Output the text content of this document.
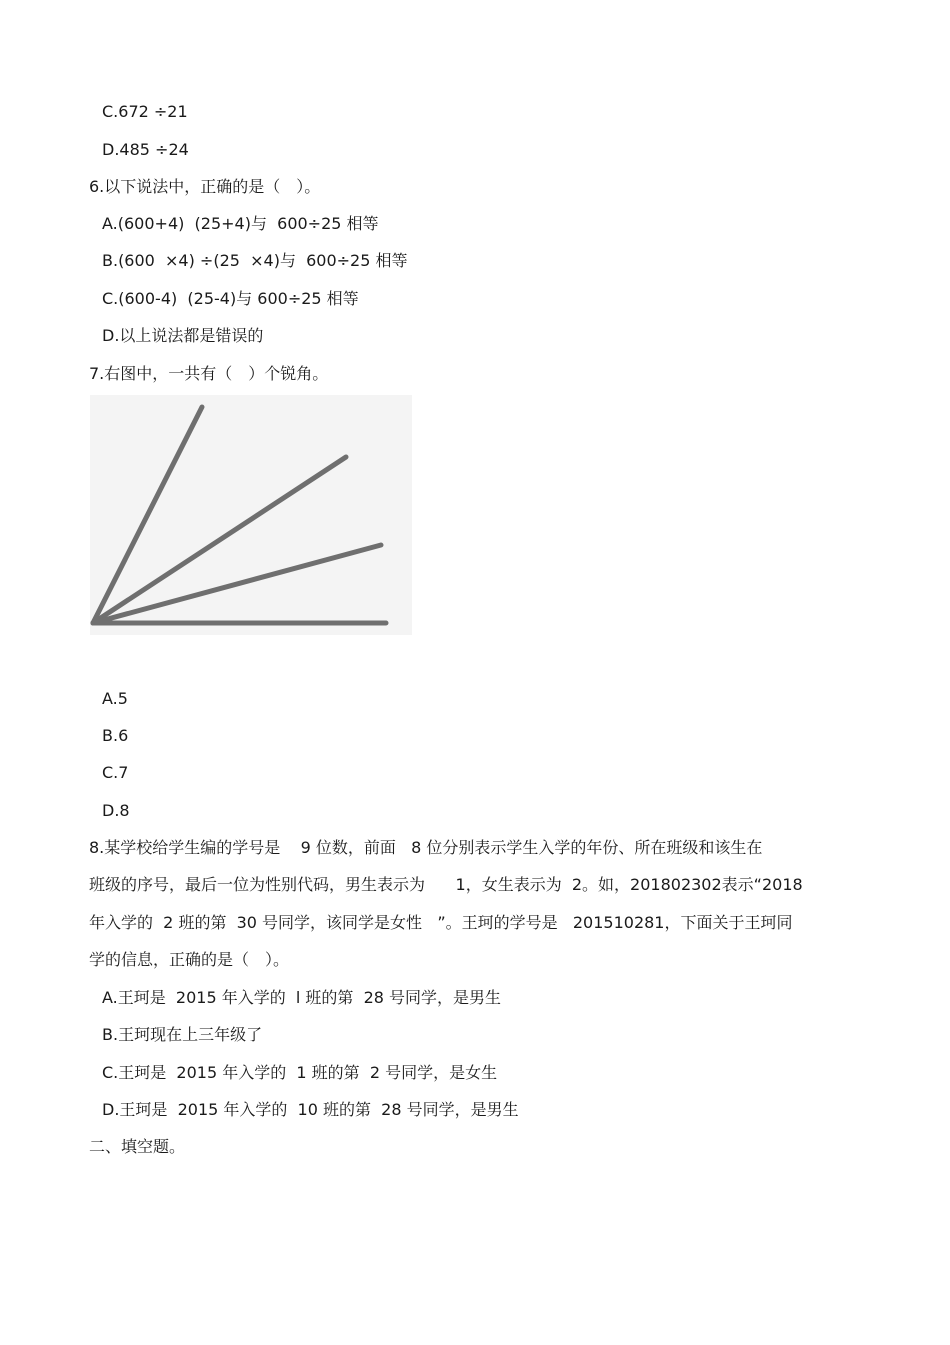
C.672 ÷21
D.485 ÷24
6.以下说法中，正确的是（　）。
A.(600+4)  (25+4)与  600÷25 相等
B.(600  ×4) ÷(25  ×4)与  600÷25 相等
C.(600-4)  (25-4)与 600÷25 相等
D.以上说法都是错误的
7.右图中，一共有（　）个锐角。
A.5
B.6
C.7
D.8
8.某学校给学生编的学号是    9 位数，前面   8 位分别表示学生入学的年份、所在班级和该生在
班级的序号，最后一位为性别代码，男生表示为      1，女生表示为  2。如，201802302表示“2018
年入学的  2 班的第  30 号同学，该同学是女性   ”。王珂的学号是   201510281，下面关于王珂同
学的信息，正确的是（　）。
A.王珂是  2015 年入学的  l 班的第  28 号同学，是男生
B.王珂现在上三年级了
C.王珂是  2015 年入学的  1 班的第  2 号同学，是女生
D.王珂是  2015 年入学的  10 班的第  28 号同学，是男生
二、填空题。
